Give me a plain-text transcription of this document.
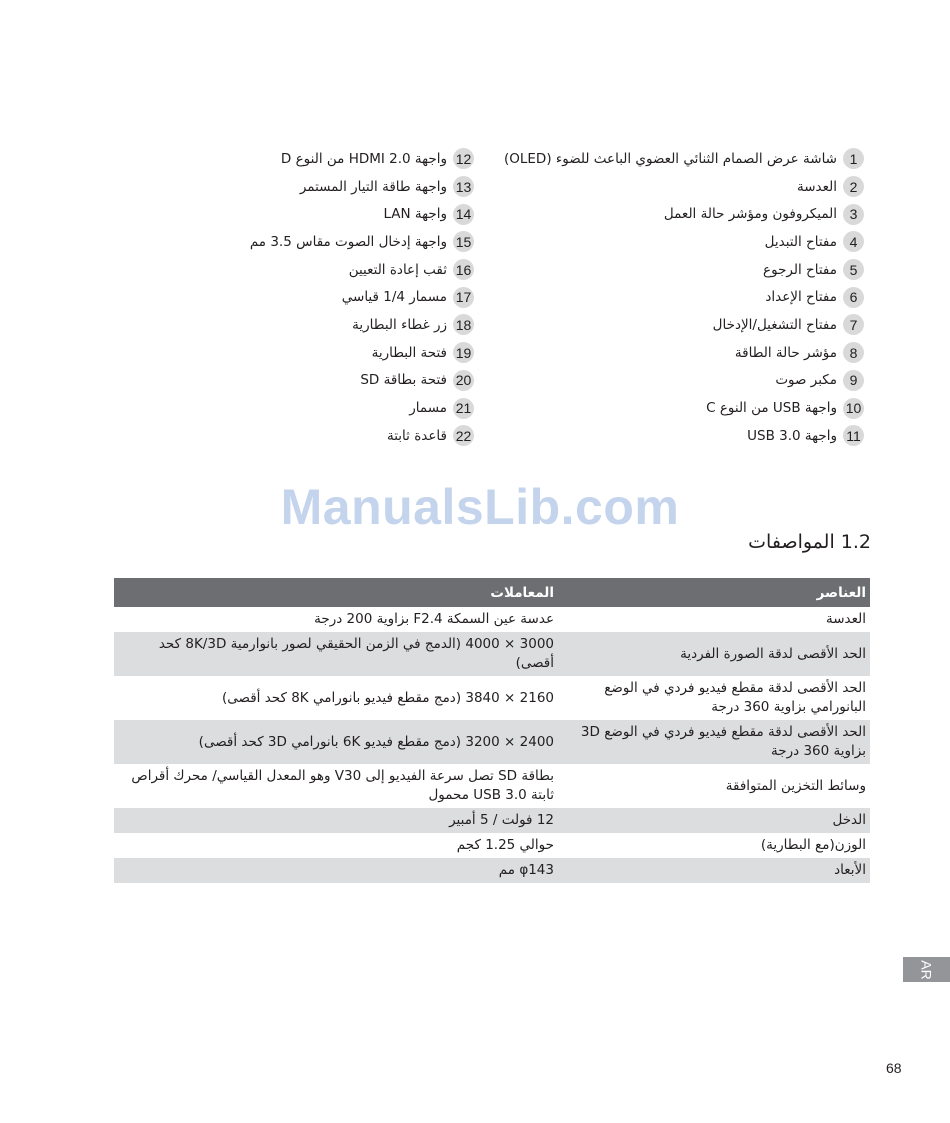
1
شاشة عرض الصمام الثنائي العضوي الباعث للضوء (OLED)
2
العدسة
3
الميكروفون ومؤشر حالة العمل
4
مفتاح التبديل
5
مفتاح الرجوع
6
مفتاح الإعداد
7
مفتاح التشغيل/الإدخال
8
مؤشر حالة الطاقة
9
مكبر صوت
10
واجهة USB من النوع C
11
واجهة USB 3.0
12
واجهة HDMI 2.0 من النوع D
13
واجهة طاقة التيار المستمر
14
واجهة LAN
15
واجهة إدخال الصوت مقاس 3.5 مم
16
ثقب إعادة التعيين
17
مسمار 1/4 قياسي
18
زر غطاء البطارية
19
فتحة البطارية
20
فتحة بطاقة SD
21
مسمار
22
قاعدة ثابتة
ManualsLib.com
1.2 المواصفات
العناصر	المعاملات
العدسة	عدسة عين السمكة F2.4 بزاوية 200 درجة
الحد الأقصى لدقة الصورة الفردية	3000 × 4000 (الدمج في الزمن الحقيقي لصور بانوارمية 8K/3D كحد أقصى)
الحد الأقصى لدقة مقطع فيديو فردي في الوضع البانورامي بزاوية 360 درجة	2160 × 3840 (دمج مقطع فيديو بانورامي 8K كحد أقصى)
الحد الأقصى لدقة مقطع فيديو فردي في الوضع 3D بزاوية 360 درجة	2400 × 3200 (دمج مقطع فيديو 6K بانورامي 3D كحد أقصى)
وسائط التخزين المتوافقة	بطاقة SD تصل سرعة الفيديو إلى V30 وهو المعدل القياسي/ محرك أقراص ثابتة USB 3.0 محمول
الدخل	12 فولت / 5 أمبير
الوزن(مع البطارية)	حوالي 1.25 كجم
الأبعاد	φ143 مم
AR
68
